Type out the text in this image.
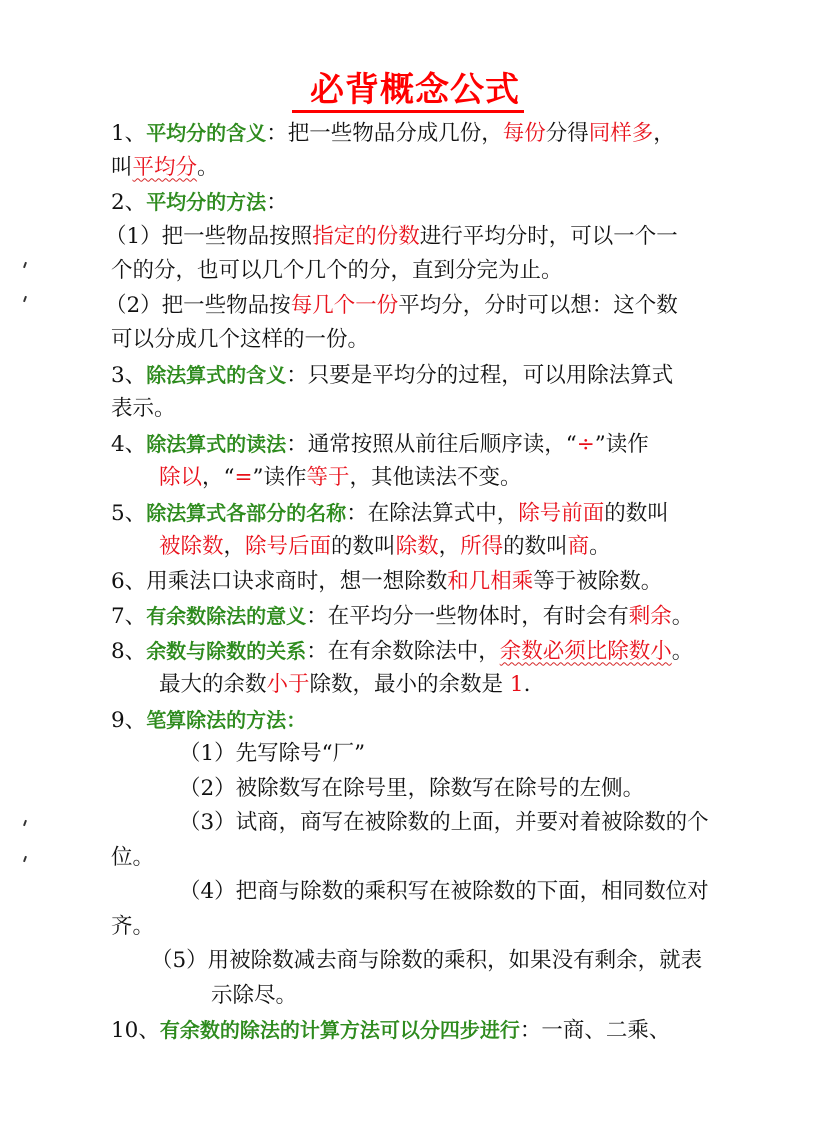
必背概念公式
1、平均分的含义：把一些物品分成几份，每份分得同样多，
叫平均分。
2、平均分的方法：
（1）把一些物品按照指定的份数进行平均分时，可以一个一
个的分，也可以几个几个的分，直到分完为止。
（2）把一些物品按每几个一份平均分，分时可以想：这个数
可以分成几个这样的一份。
3、除法算式的含义：只要是平均分的过程，可以用除法算式
表示。
4、除法算式的读法：通常按照从前往后顺序读，“÷”读作
除以，“=”读作等于，其他读法不变。
5、除法算式各部分的名称：在除法算式中，除号前面的数叫
被除数，除号后面的数叫除数，所得的数叫商。
6、用乘法口诀求商时，想一想除数和几相乘等于被除数。
7、有余数除法的意义：在平均分一些物体时，有时会有剩余。
8、余数与除数的关系：在有余数除法中，余数必须比除数小。
最大的余数小于除数，最小的余数是 1.
9、笔算除法的方法：
（1）先写除号“厂”
（2）被除数写在除号里，除数写在除号的左侧。
（3）试商，商写在被除数的上面，并要对着被除数的个
位。
（4）把商与除数的乘积写在被除数的下面，相同数位对
齐。
（5）用被除数减去商与除数的乘积，如果没有剩余，就表
示除尽。
10、有余数的除法的计算方法可以分四步进行：一商、二乘、
